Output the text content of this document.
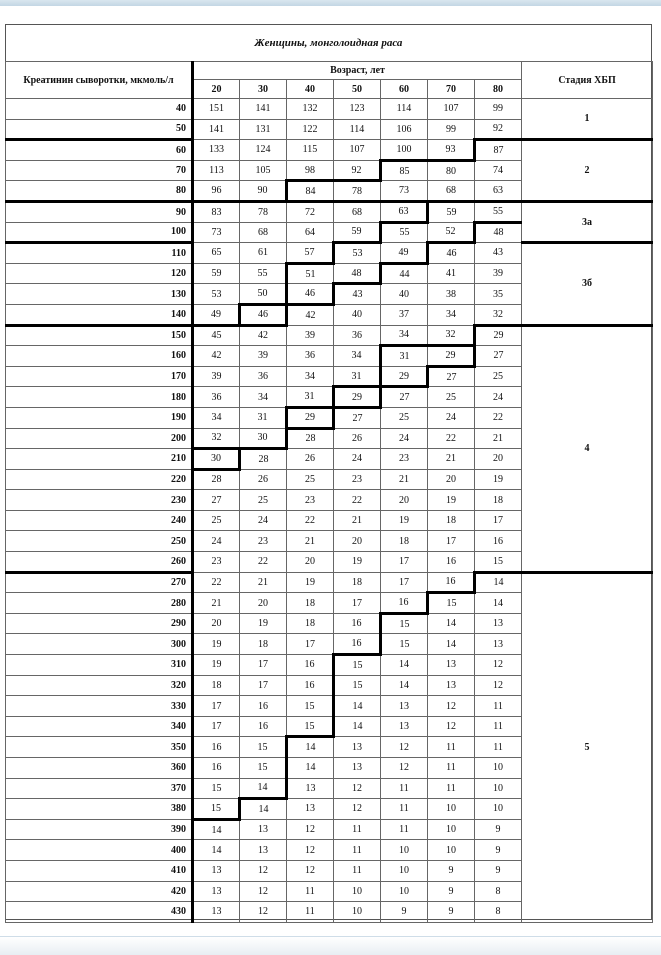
Женщины, монголоидная раса
Креатинин сыворотки, мкмоль/л	Возраст, лет							Стадия ХБП
	20	30	40	50	60	70	80	
40	151	141	132	123	114	107	99	1
50	141	131	122	114	106	99	92	
60	133	124	115	107	100	93	87	2
70	113	105	98	92	85	80	74	
80	96	90	84	78	73	68	63	
90	83	78	72	68	63	59	55	3а
100	73	68	64	59	55	52	48	
110	65	61	57	53	49	46	43	3б
120	59	55	51	48	44	41	39	
130	53	50	46	43	40	38	35	
140	49	46	42	40	37	34	32	
150	45	42	39	36	34	32	29	4
160	42	39	36	34	31	29	27	
170	39	36	34	31	29	27	25	
180	36	34	31	29	27	25	24	
190	34	31	29	27	25	24	22	
200	32	30	28	26	24	22	21	
210	30	28	26	24	23	21	20	
220	28	26	25	23	21	20	19	
230	27	25	23	22	20	19	18	
240	25	24	22	21	19	18	17	
250	24	23	21	20	18	17	16	
260	23	22	20	19	17	16	15	
270	22	21	19	18	17	16	14	5
280	21	20	18	17	16	15	14	
290	20	19	18	16	15	14	13	
300	19	18	17	16	15	14	13	
310	19	17	16	15	14	13	12	
320	18	17	16	15	14	13	12	
330	17	16	15	14	13	12	11	
340	17	16	15	14	13	12	11	
350	16	15	14	13	12	11	11	
360	16	15	14	13	12	11	10	
370	15	14	13	12	11	11	10	
380	15	14	13	12	11	10	10	
390	14	13	12	11	11	10	9	
400	14	13	12	11	10	10	9	
410	13	12	12	11	10	9	9	
420	13	12	11	10	10	9	8	
430	13	12	11	10	9	9	8	
